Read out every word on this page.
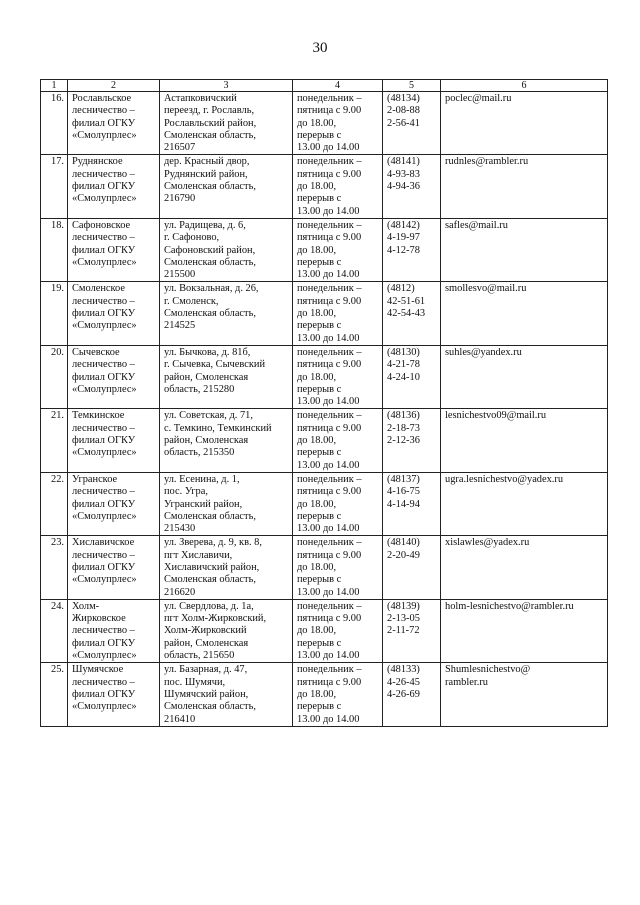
30
1	2	3	4	5	6
16.	Рославльское
лесничество –
филиал ОГКУ
«Смолупрлес»	Астапковичский
переезд, г. Рославль,
Рославльский район,
Смоленская область,
216507	понедельник –
пятница с 9.00
до 18.00,
перерыв с
13.00 до 14.00	(48134)
2-08-88
2-56-41	poclec@mail.ru

17.	Руднянское
лесничество –
филиал ОГКУ
«Смолупрлес»	дер. Красный двор,
Руднянский район,
Смоленская область,
216790	понедельник –
пятница с 9.00
до 18.00,
перерыв с
13.00 до 14.00	(48141)
4-93-83
4-94-36	rudnles@rambler.ru

18.	Сафоновское
лесничество –
филиал ОГКУ
«Смолупрлес»	ул. Радищева, д. 6,
г. Сафоново,
Сафоновский район,
Смоленская область,
215500	понедельник –
пятница с 9.00
до 18.00,
перерыв с
13.00 до 14.00	(48142)
4-19-97
4-12-78	safles@mail.ru

19.	Смоленское
лесничество –
филиал ОГКУ
«Смолупрлес»	ул. Вокзальная, д. 26,
г. Смоленск,
Смоленская область,
214525	понедельник –
пятница с 9.00
до 18.00,
перерыв с
13.00 до 14.00	(4812)
42-51-61
42-54-43	smollesvo@mail.ru

20.	Сычевское
лесничество –
филиал ОГКУ
«Смолупрлес»	ул. Бычкова, д. 81б,
г. Сычевка, Сычевский
район, Смоленская
область, 215280	понедельник –
пятница с 9.00
до 18.00,
перерыв с
13.00 до 14.00	(48130)
4-21-78
4-24-10	suhles@yandex.ru

21.	Темкинское
лесничество –
филиал ОГКУ
«Смолупрлес»	ул. Советская, д. 71,
с. Темкино, Темкинский
район, Смоленская
область, 215350	понедельник –
пятница с 9.00
до 18.00,
перерыв с
13.00 до 14.00	(48136)
2-18-73
2-12-36	lesnichestvo09@mail.ru

22.	Угранское
лесничество –
филиал ОГКУ
«Смолупрлес»	ул. Есенина, д. 1,
пос. Угра,
Угранский район,
Смоленская область,
215430	понедельник –
пятница с 9.00
до 18.00,
перерыв с
13.00 до 14.00	(48137)
4-16-75
4-14-94	ugra.lesnichestvo@yadex.ru

23.	Хиславичское
лесничество –
филиал ОГКУ
«Смолупрлес»	ул. Зверева, д. 9, кв. 8,
пгт Хиславичи,
Хиславичский район,
Смоленская область,
216620	понедельник –
пятница с 9.00
до 18.00,
перерыв с
13.00 до 14.00	(48140)
2-20-49	xislawles@yadex.ru

24.	Холм-
Жирковское
лесничество –
филиал ОГКУ
«Смолупрлес»	ул. Свердлова, д. 1а,
пгт Холм-Жирковский,
Холм-Жирковский
район, Смоленская
область, 215650	понедельник –
пятница с 9.00
до 18.00,
перерыв с
13.00 до 14.00	(48139)
2-13-05
2-11-72	holm-lesnichestvo@rambler.ru

25.	Шумячское
лесничество –
филиал ОГКУ
«Смолупрлес»	ул. Базарная, д. 47,
пос. Шумячи,
Шумячский район,
Смоленская область,
216410	понедельник –
пятница с 9.00
до 18.00,
перерыв с
13.00 до 14.00	(48133)
4-26-45
4-26-69	Shumlesnichestvo@
rambler.ru
